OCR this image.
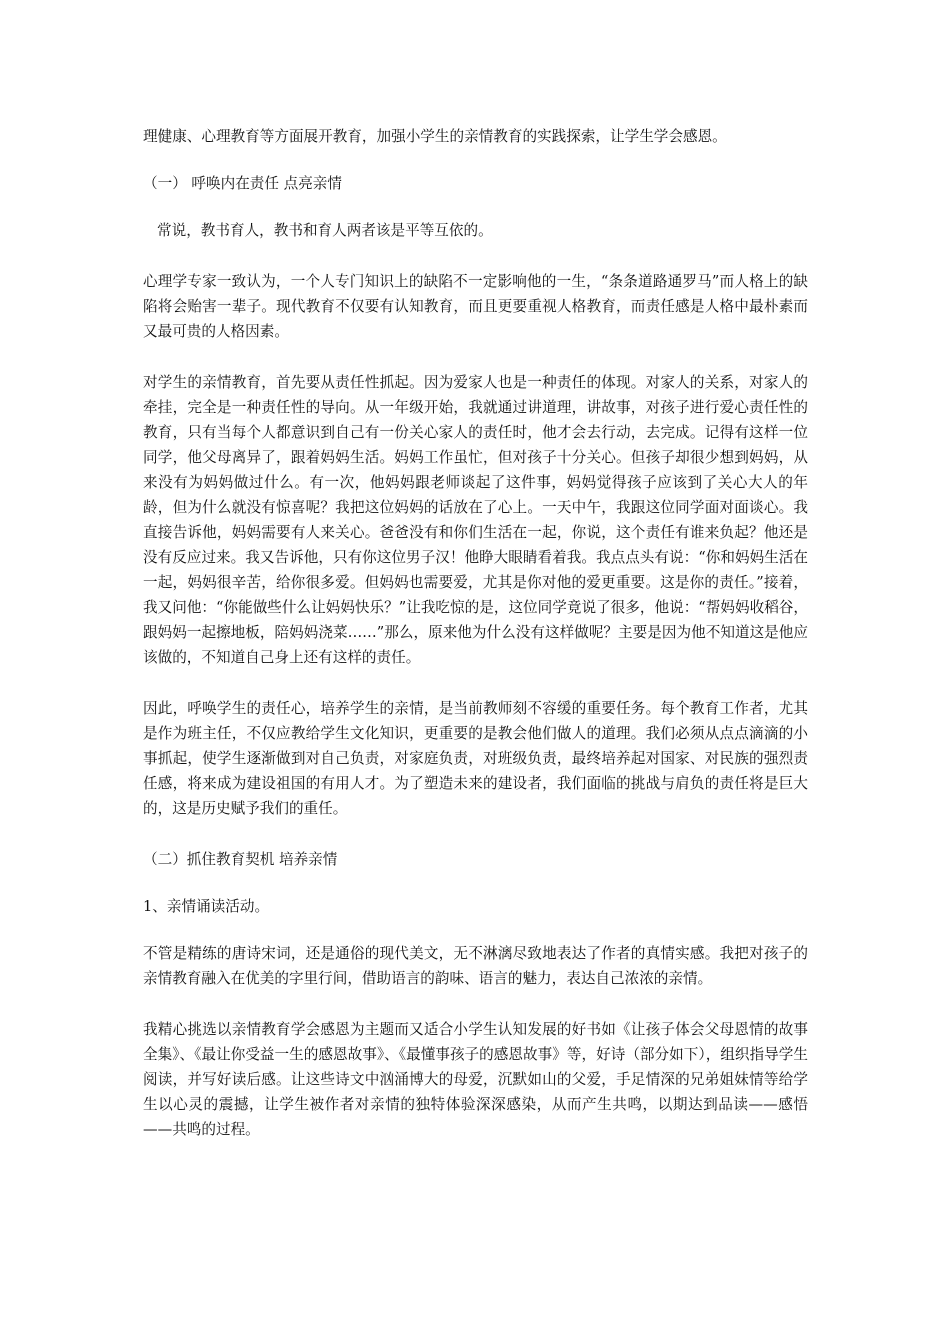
理健康、心理教育等方面展开教育，加强小学生的亲情教育的实践探索，让学生学会感恩。

（一） 呼唤内在责任 点亮亲情

常说，教书育人，教书和育人两者该是平等互依的。

心理学专家一致认为，一个人专门知识上的缺陷不一定影响他的一生，“条条道路通罗马”而人格上的缺陷将会贻害一辈子。现代教育不仅要有认知教育，而且更要重视人格教育，而责任感是人格中最朴素而又最可贵的人格因素。

对学生的亲情教育，首先要从责任性抓起。因为爱家人也是一种责任的体现。对家人的关系，对家人的牵挂，完全是一种责任性的导向。从一年级开始，我就通过讲道理，讲故事，对孩子进行爱心责任性的教育，只有当每个人都意识到自己有一份关心家人的责任时，他才会去行动，去完成。记得有这样一位同学，他父母离异了，跟着妈妈生活。妈妈工作虽忙，但对孩子十分关心。但孩子却很少想到妈妈，从来没有为妈妈做过什么。有一次，他妈妈跟老师谈起了这件事，妈妈觉得孩子应该到了关心大人的年龄，但为什么就没有惊喜呢？我把这位妈妈的话放在了心上。一天中午，我跟这位同学面对面谈心。我直接告诉他，妈妈需要有人来关心。爸爸没有和你们生活在一起，你说，这个责任有谁来负起？他还是没有反应过来。我又告诉他，只有你这位男子汉！他睁大眼睛看着我。我点点头有说：“你和妈妈生活在一起，妈妈很辛苦，给你很多爱。但妈妈也需要爱，尤其是你对他的爱更重要。这是你的责任。”接着，我又问他：“你能做些什么让妈妈快乐？”让我吃惊的是，这位同学竟说了很多，他说：“帮妈妈收稻谷，跟妈妈一起擦地板，陪妈妈浇菜……”那么，原来他为什么没有这样做呢？主要是因为他不知道这是他应该做的，不知道自己身上还有这样的责任。

因此，呼唤学生的责任心，培养学生的亲情，是当前教师刻不容缓的重要任务。每个教育工作者，尤其是作为班主任，不仅应教给学生文化知识，更重要的是教会他们做人的道理。我们必须从点点滴滴的小事抓起，使学生逐渐做到对自己负责，对家庭负责，对班级负责，最终培养起对国家、对民族的强烈责任感，将来成为建设祖国的有用人才。为了塑造未来的建设者，我们面临的挑战与肩负的责任将是巨大的，这是历史赋予我们的重任。

（二）抓住教育契机 培养亲情

1、亲情诵读活动。

不管是精练的唐诗宋词，还是通俗的现代美文，无不淋漓尽致地表达了作者的真情实感。我把对孩子的亲情教育融入在优美的字里行间，借助语言的韵味、语言的魅力，表达自己浓浓的亲情。

我精心挑选以亲情教育学会感恩为主题而又适合小学生认知发展的好书如《让孩子体会父母恩情的故事全集》、《最让你受益一生的感恩故事》、《最懂事孩子的感恩故事》等，好诗（部分如下），组织指导学生阅读，并写好读后感。让这些诗文中汹涌博大的母爱，沉默如山的父爱，手足情深的兄弟姐妹情等给学生以心灵的震撼，让学生被作者对亲情的独特体验深深感染，从而产生共鸣，以期达到品读——感悟——共鸣的过程。
